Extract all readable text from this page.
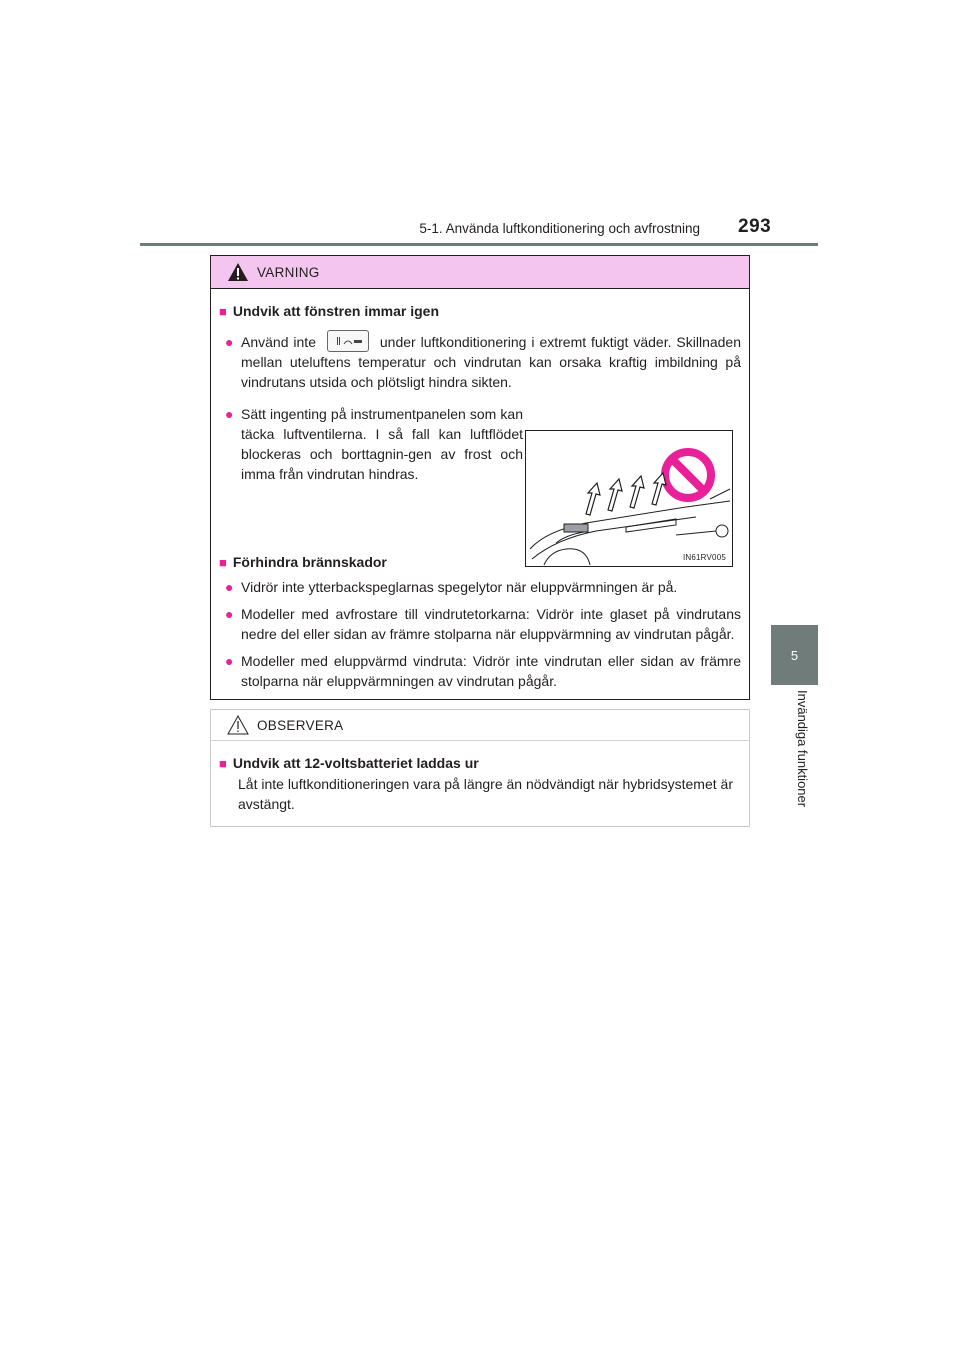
5-1. Använda luftkonditionering och avfrostning 293
5
Invändiga funktioner
VARNING
■ Undvik att fönstren immar igen
● Använd inte	under luftkonditionering i extremt fuktigt väder. Skillnaden mellan uteluftens temperatur och vindrutan kan orsaka kraftig imbildning på vindrutans utsida och plötsligt hindra sikten.

● Sätt ingenting på instrumentpanelen som kan täcka luftventilerna. I så fall kan luftflödet blockeras och borttagnin-gen av frost och imma från vindrutan hindras.

IN61RV005
■ Förhindra brännskador
● Vidrör inte ytterbackspeglarnas spegelytor när eluppvärmningen är på.

● Modeller med avfrostare till vindrutetorkarna: Vidrör inte glaset på vindrutans nedre del eller sidan av främre stolparna när eluppvärmning av vindrutan pågår.

● Modeller med eluppvärmd vindruta: Vidrör inte vindrutan eller sidan av främre stolparna när eluppvärmningen av vindrutan pågår.

OBSERVERA
■ Undvik att 12-voltsbatteriet laddas ur
Låt inte luftkonditioneringen vara på längre än nödvändigt när hybridsystemet är avstängt.
